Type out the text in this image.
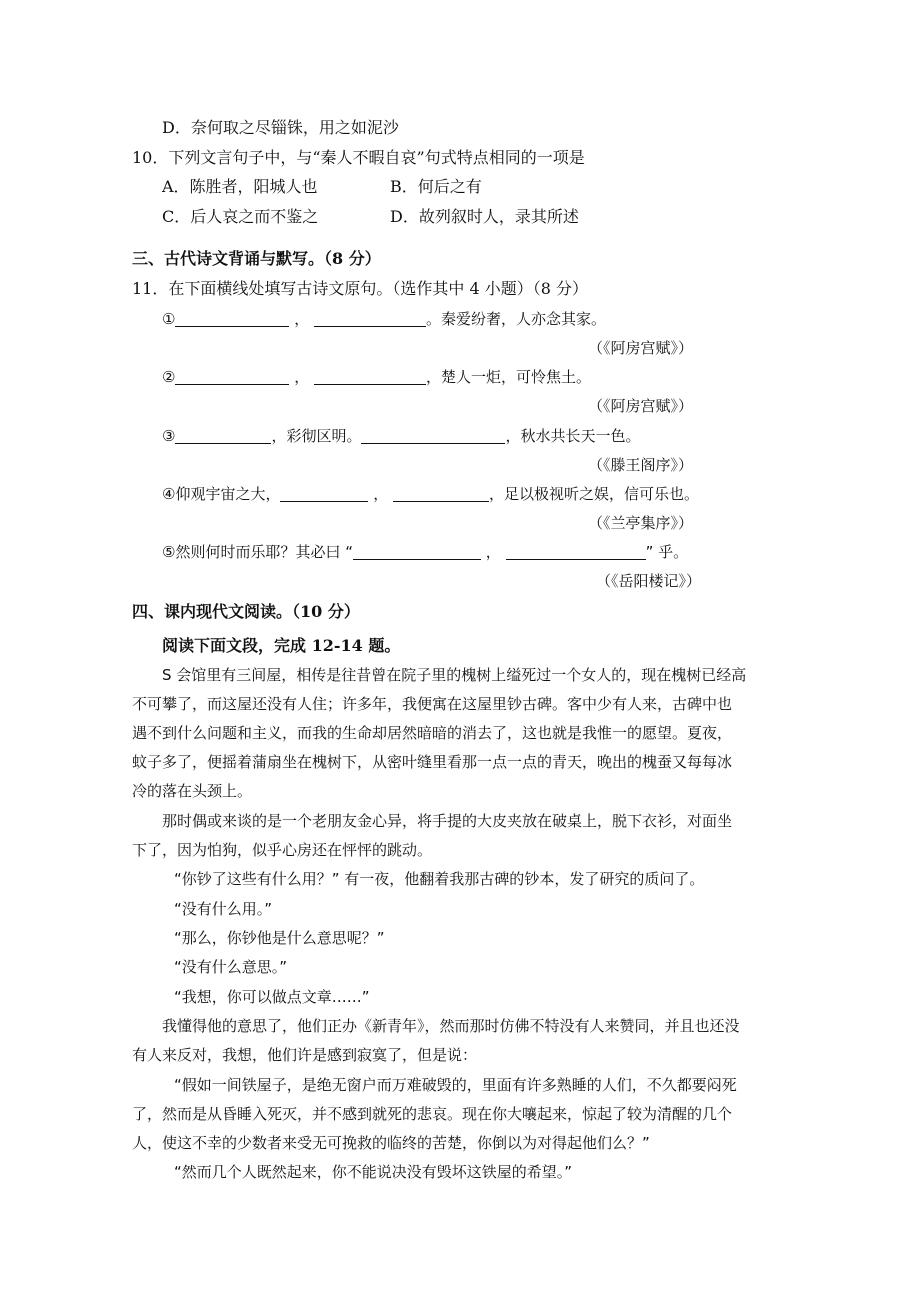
D．奈何取之尽锱铢，用之如泥沙
10．下列文言句子中，与“秦人不暇自哀”句式特点相同的一项是
A．陈胜者，阳城人也	B．何后之有
C．后人哀之而不鉴之	D．故列叙时人，录其所述
三、古代诗文背诵与默写。（8 分）
11．在下面横线处填写古诗文原句。（选作其中 4 小题）（8 分）
①	，	。秦爱纷奢，人亦念其家。
（《阿房宫赋》）
②	，	，楚人一炬，可怜焦土。
（《阿房宫赋》）
③	，彩彻区明。	，秋水共长天一色。
（《滕王阁序》）
④仰观宇宙之大，	，	，足以极视听之娱，信可乐也。
（《兰亭集序》）
⑤然则何时而乐耶？其必曰 “	，	” 乎。
（《岳阳楼记》）
四、课内现代文阅读。（10 分）
阅读下面文段，完成 12-14 题。
S 会馆里有三间屋，相传是往昔曾在院子里的槐树上缢死过一个女人的，现在槐树已经高
不可攀了，而这屋还没有人住；许多年，我便寓在这屋里钞古碑。客中少有人来，古碑中也
遇不到什么问题和主义，而我的生命却居然暗暗的消去了，这也就是我惟一的愿望。夏夜，
蚊子多了，便摇着蒲扇坐在槐树下，从密叶缝里看那一点一点的青天，晚出的槐蚕又每每冰
冷的落在头颈上。
那时偶或来谈的是一个老朋友金心异，将手提的大皮夹放在破桌上，脱下衣衫，对面坐
下了，因为怕狗，似乎心房还在怦怦的跳动。
“你钞了这些有什么用？” 有一夜，他翻着我那古碑的钞本，发了研究的质问了。
“没有什么用。”
“那么，你钞他是什么意思呢？”
“没有什么意思。”
“我想，你可以做点文章……”
我懂得他的意思了，他们正办《新青年》，然而那时仿佛不特没有人来赞同，并且也还没
有人来反对，我想，他们许是感到寂寞了，但是说：
“假如一间铁屋子，是绝无窗户而万难破毁的，里面有许多熟睡的人们，不久都要闷死
了，然而是从昏睡入死灭，并不感到就死的悲哀。现在你大嚷起来，惊起了较为清醒的几个
人，使这不幸的少数者来受无可挽救的临终的苦楚，你倒以为对得起他们么？”
“然而几个人既然起来，你不能说决没有毁坏这铁屋的希望。”
